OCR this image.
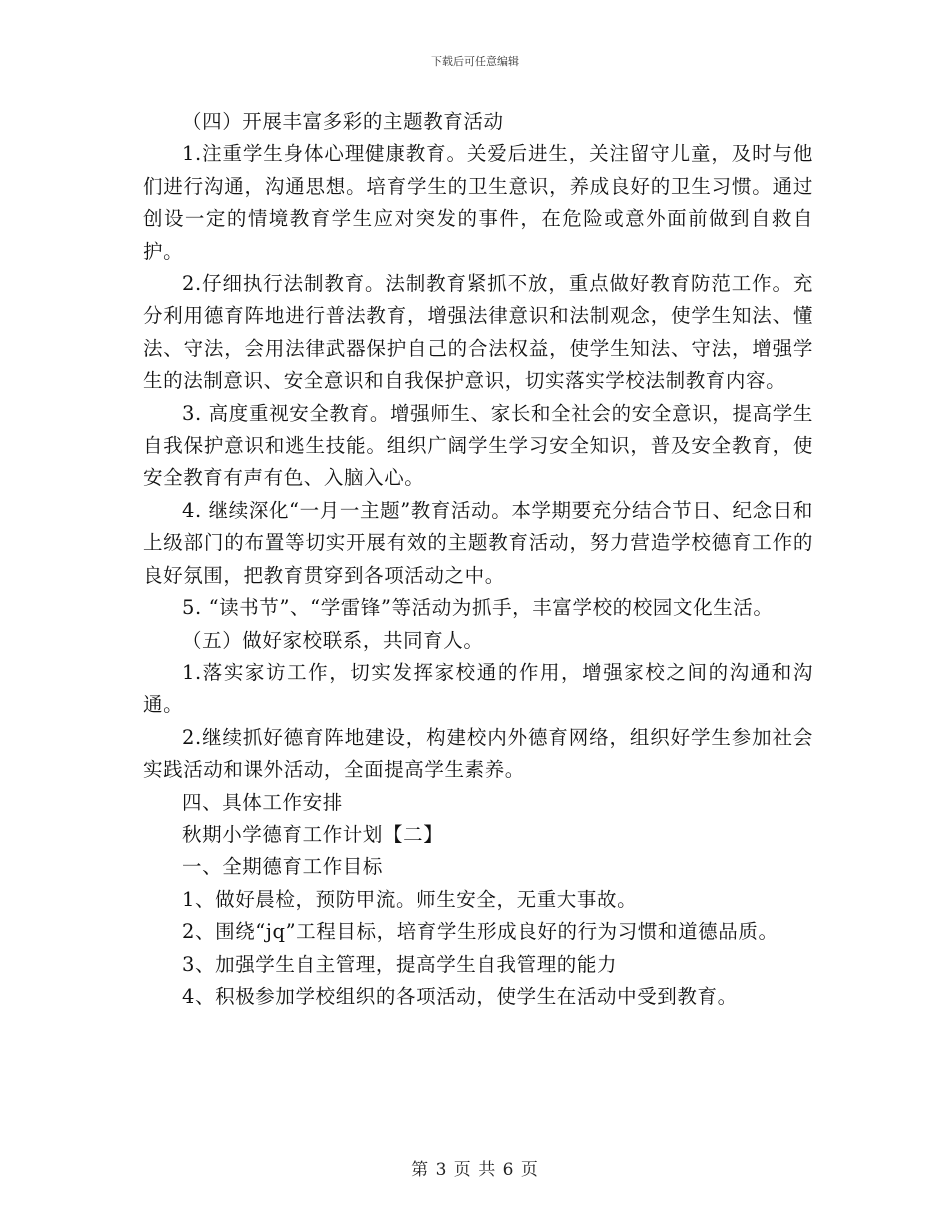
下载后可任意编辑

（四）开展丰富多彩的主题教育活动

1.注重学生身体心理健康教育。关爱后进生，关注留守儿童，及时与他们进行沟通，沟通思想。培育学生的卫生意识，养成良好的卫生习惯。通过创设一定的情境教育学生应对突发的事件，在危险或意外面前做到自救自护。

2.仔细执行法制教育。法制教育紧抓不放，重点做好教育防范工作。充分利用德育阵地进行普法教育，增强法律意识和法制观念，使学生知法、懂法、守法，会用法律武器保护自己的合法权益，使学生知法、守法，增强学生的法制意识、安全意识和自我保护意识，切实落实学校法制教育内容。

3. 高度重视安全教育。增强师生、家长和全社会的安全意识，提高学生自我保护意识和逃生技能。组织广阔学生学习安全知识，普及安全教育，使安全教育有声有色、入脑入心。

4. 继续深化“一月一主题”教育活动。本学期要充分结合节日、纪念日和上级部门的布置等切实开展有效的主题教育活动，努力营造学校德育工作的良好氛围，把教育贯穿到各项活动之中。

5. “读书节”、“学雷锋”等活动为抓手，丰富学校的校园文化生活。

（五）做好家校联系，共同育人。

1.落实家访工作，切实发挥家校通的作用，增强家校之间的沟通和沟通。

2.继续抓好德育阵地建设，构建校内外德育网络，组织好学生参加社会实践活动和课外活动，全面提高学生素养。

四、具体工作安排

秋期小学德育工作计划【二】

一、全期德育工作目标

1、做好晨检，预防甲流。师生安全，无重大事故。

2、围绕“jq”工程目标，培育学生形成良好的行为习惯和道德品质。

3、加强学生自主管理，提高学生自我管理的能力

4、积极参加学校组织的各项活动，使学生在活动中受到教育。

第 3 页 共 6 页
